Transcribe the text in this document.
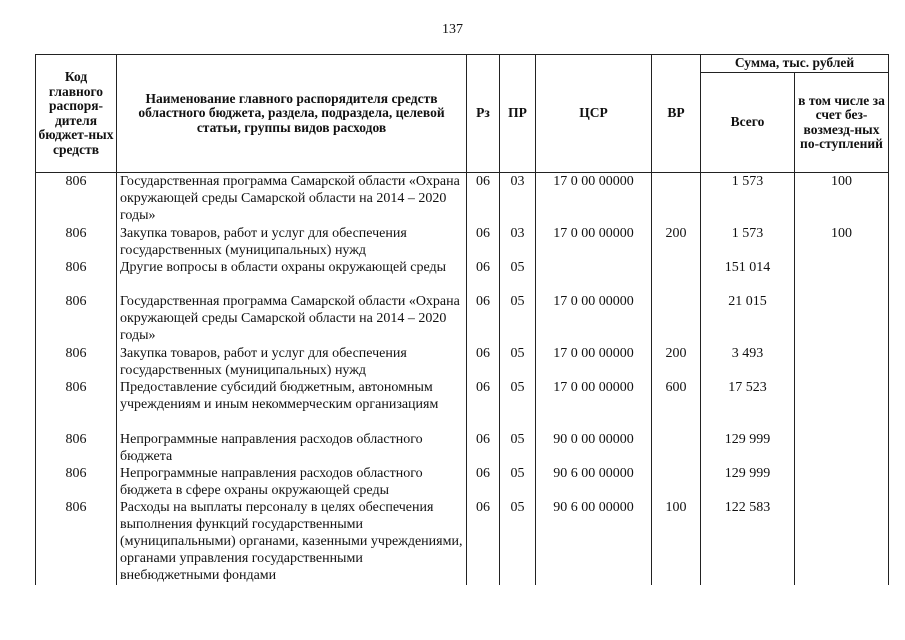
137
Код главного распоря-дителя бюджет-ных средств	Наименование главного распорядителя средств областного бюджета, раздела, подраздела, целевой статьи, группы видов расходов	Рз	ПР	ЦСР	ВР	Сумма, тыс. рублей	
						Всего	в том числе за счет без-возмезд-ных по-ступлений
806	Государственная программа Самарской области «Охрана окружающей среды Самарской области на 2014 – 2020 годы»	06	03	17 0 00 00000		1 573	100
806	Закупка товаров, работ и услуг для обеспечения государственных (муниципальных) нужд	06	03	17 0 00 00000	200	1 573	100
806	Другие вопросы в области охраны окружающей среды	06	05			151 014	
806	Государственная программа Самарской области «Охрана окружающей среды Самарской области на 2014 – 2020 годы»	06	05	17 0 00 00000		21 015	
806	Закупка товаров, работ и услуг для обеспечения государственных (муниципальных) нужд	06	05	17 0 00 00000	200	3 493	
806	Предоставление субсидий бюджетным, автономным учреждениям и иным некоммерческим организациям	06	05	17 0 00 00000	600	17 523	
806	Непрограммные направления расходов областного бюджета	06	05	90 0 00 00000		129 999	
806	Непрограммные направления расходов областного бюджета в сфере охраны окружающей среды	06	05	90 6 00 00000		129 999	
806	Расходы на выплаты персоналу в целях обеспечения выполнения функций государственными (муниципальными) органами, казенными учреждениями, органами управления государственными внебюджетными фондами	06	05	90 6 00 00000	100	122 583	
